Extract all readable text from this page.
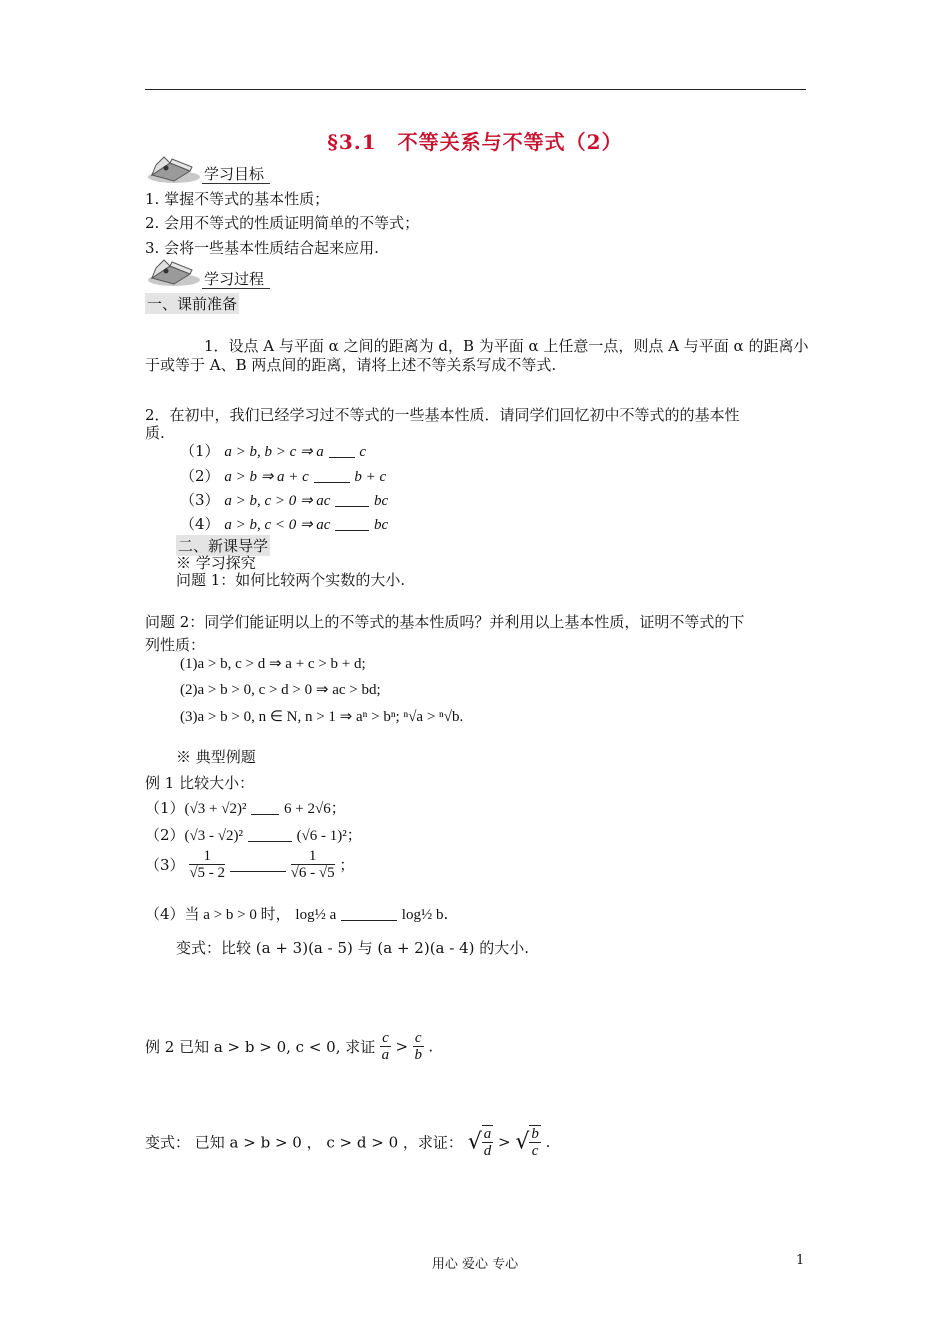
§3.1　不等关系与不等式（2）
学习目标
1. 掌握不等式的基本性质；
2. 会用不等式的性质证明简单的不等式；
3. 会将一些基本性质结合起来应用.
学习过程
一、课前准备
1．设点 A 与平面 α 之间的距离为 d，B 为平面 α 上任意一点，则点 A 与平面 α 的距离小
于或等于 A、B 两点间的距离，请将上述不等关系写成不等式.
2．在初中，我们已经学习过不等式的一些基本性质．请同学们回忆初中不等式的的基本性
质.
（1） a > b, b > c ⇒ a c
（2） a > b ⇒ a + c	b + c
（3） a > b, c > 0 ⇒ ac	bc
（4） a > b, c < 0 ⇒ ac	bc
二、新课导学
※ 学习探究
问题 1：如何比较两个实数的大小.
问题 2：同学们能证明以上的不等式的基本性质吗？并利用以上基本性质，证明不等式的下
列性质：
(1)a > b, c > d ⇒ a + c > b + d;
(2)a > b > 0, c > d > 0 ⇒ ac > bd;
(3)a > b > 0, n ∈ N, n > 1 ⇒ aⁿ > bⁿ; ⁿ√a > ⁿ√b.
※ 典型例题
例 1 比较大小：
（1）(√3 + √2)²	6 + 2√6；
（2）(√3 - √2)²	(√6 - 1)²；
$(3) \frac{1}{√5 - 2}$
	$\frac{1}{√6 - √5}$ ；
（4）当 a > b > 0 时， log½ a	log½ b.
变式：比较 (a + 3)(a - 5) 与 (a + 2)(a - 4) 的大小.
例 2 已知 a > b > 0, c < 0, 求证 $\frac{c}{a} > \frac{c}{b}$ .
变式： 已知 a > b > 0 ， c > d > 0 ，求证： √ $\frac{a}{d}$ > √ $\frac{b}{c}$ .
用心 爱心 专心	1
